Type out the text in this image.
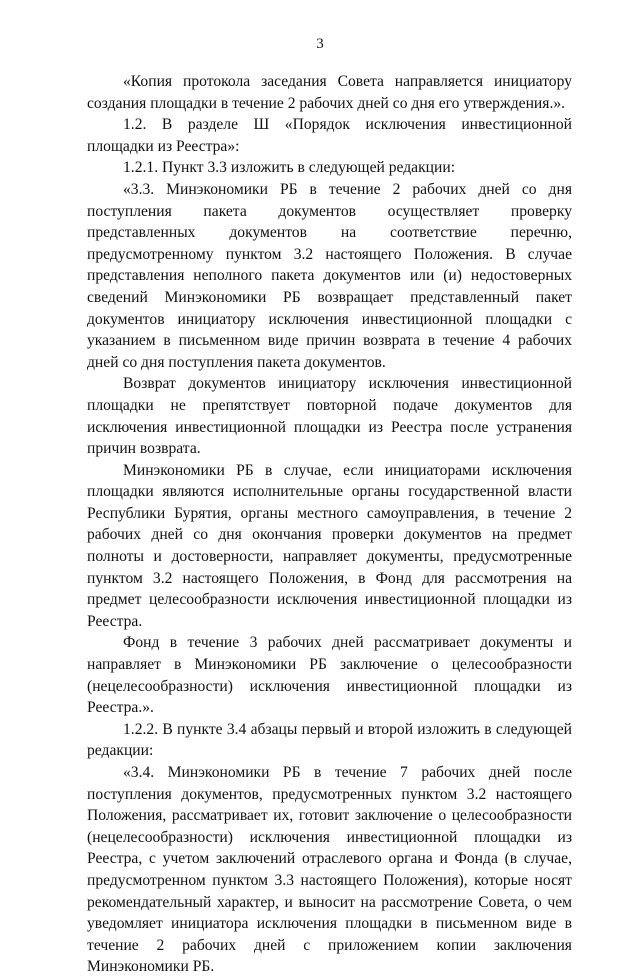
3

«Копия протокола заседания Совета направляется инициатору создания площадки в течение 2 рабочих дней со дня его утверждения.».

1.2. В разделе Ш «Порядок исключения инвестиционной площадки из Реестра»:

1.2.1. Пункт 3.3 изложить в следующей редакции:

«3.3. Минэкономики РБ в течение 2 рабочих дней со дня поступления пакета документов осуществляет проверку представленных документов на соответствие перечню, предусмотренному пунктом 3.2 настоящего Положения. В случае представления неполного пакета документов или (и) недостоверных сведений Минэкономики РБ возвращает представленный пакет документов инициатору исключения инвестиционной площадки с указанием в письменном виде причин возврата в течение 4 рабочих дней со дня поступления пакета документов.

Возврат документов инициатору исключения инвестиционной площадки не препятствует повторной подаче документов для исключения инвестиционной площадки из Реестра после устранения причин возврата.

Минэкономики РБ в случае, если инициаторами исключения площадки являются исполнительные органы государственной власти Республики Бурятия, органы местного самоуправления, в течение 2 рабочих дней со дня окончания проверки документов на предмет полноты и достоверности, направляет документы, предусмотренные пунктом 3.2 настоящего Положения, в Фонд для рассмотрения на предмет целесообразности исключения инвестиционной площадки из Реестра.

Фонд в течение 3 рабочих дней рассматривает документы и направляет в Минэкономики РБ заключение о целесообразности (нецелесообразности) исключения инвестиционной площадки из Реестра.».

1.2.2. В пункте 3.4 абзацы первый и второй изложить в следующей редакции:

«3.4. Минэкономики РБ в течение 7 рабочих дней после поступления документов, предусмотренных пунктом 3.2 настоящего Положения, рассматривает их, готовит заключение о целесообразности (нецелесообразности) исключения инвестиционной площадки из Реестра, с учетом заключений отраслевого органа и Фонда (в случае, предусмотренном пунктом 3.3 настоящего Положения), которые носят рекомендательный характер, и выносит на рассмотрение Совета, о чем уведомляет инициатора исключения площадки в письменном виде в течение 2 рабочих дней с приложением копии заключения Минэкономики РБ.
